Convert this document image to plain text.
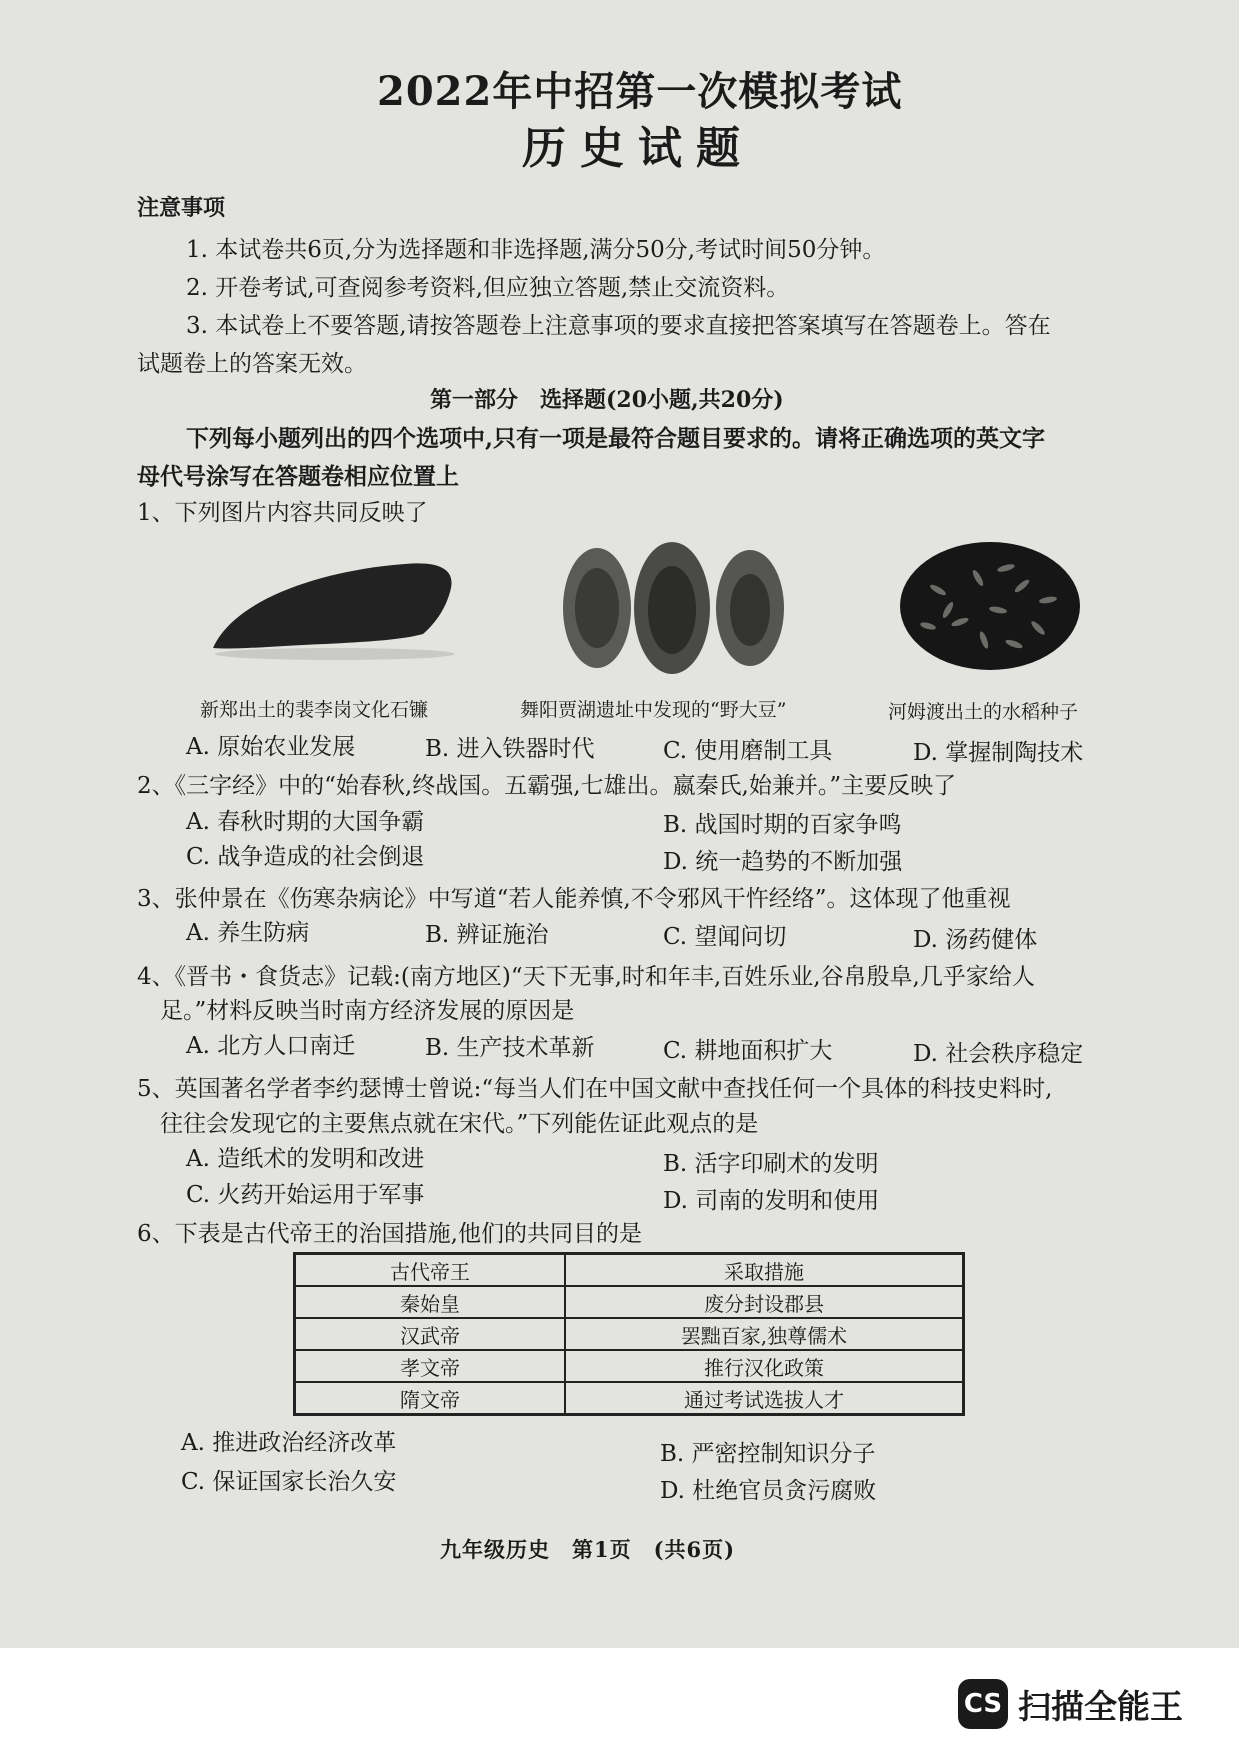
2022年中招第一次模拟考试
历史试题
注意事项
1. 本试卷共6页,分为选择题和非选择题,满分50分,考试时间50分钟。
2. 开卷考试,可查阅参考资料,但应独立答题,禁止交流资料。
3. 本试卷上不要答题,请按答题卷上注意事项的要求直接把答案填写在答题卷上。答在
试题卷上的答案无效。
第一部分　选择题(20小题,共20分)
下列每小题列出的四个选项中,只有一项是最符合题目要求的。请将正确选项的英文字
母代号涂写在答题卷相应位置上
1、下列图片内容共同反映了
新郑出土的裴李岗文化石镰	舞阳贾湖遗址中发现的“野大豆”	河姆渡出土的水稻种子
A. 原始农业发展	B. 进入铁器时代	C. 使用磨制工具	D. 掌握制陶技术
2、《三字经》中的“始春秋,终战国。五霸强,七雄出。嬴秦氏,始兼并。”主要反映了
A. 春秋时期的大国争霸	B. 战国时期的百家争鸣
C. 战争造成的社会倒退	D. 统一趋势的不断加强
3、张仲景在《伤寒杂病论》中写道“若人能养慎,不令邪风干忤经络”。这体现了他重视
A. 养生防病	B. 辨证施治	C. 望闻问切	D. 汤药健体
4、《晋书・食货志》记载:(南方地区)“天下无事,时和年丰,百姓乐业,谷帛殷阜,几乎家给人
足。”材料反映当时南方经济发展的原因是
A. 北方人口南迁	B. 生产技术革新	C. 耕地面积扩大	D. 社会秩序稳定
5、英国著名学者李约瑟博士曾说:“每当人们在中国文献中查找任何一个具体的科技史料时,
往往会发现它的主要焦点就在宋代。”下列能佐证此观点的是
A. 造纸术的发明和改进	B. 活字印刷术的发明
C. 火药开始运用于军事	D. 司南的发明和使用
6、下表是古代帝王的治国措施,他们的共同目的是
古代帝王	采取措施
秦始皇	废分封设郡县
汉武帝	罢黜百家,独尊儒术
孝文帝	推行汉化政策
隋文帝	通过考试选拔人才
A. 推进政治经济改革	B. 严密控制知识分子
C. 保证国家长治久安	D. 杜绝官员贪污腐败
九年级历史　第1页　(共6页)
CS 扫描全能王
